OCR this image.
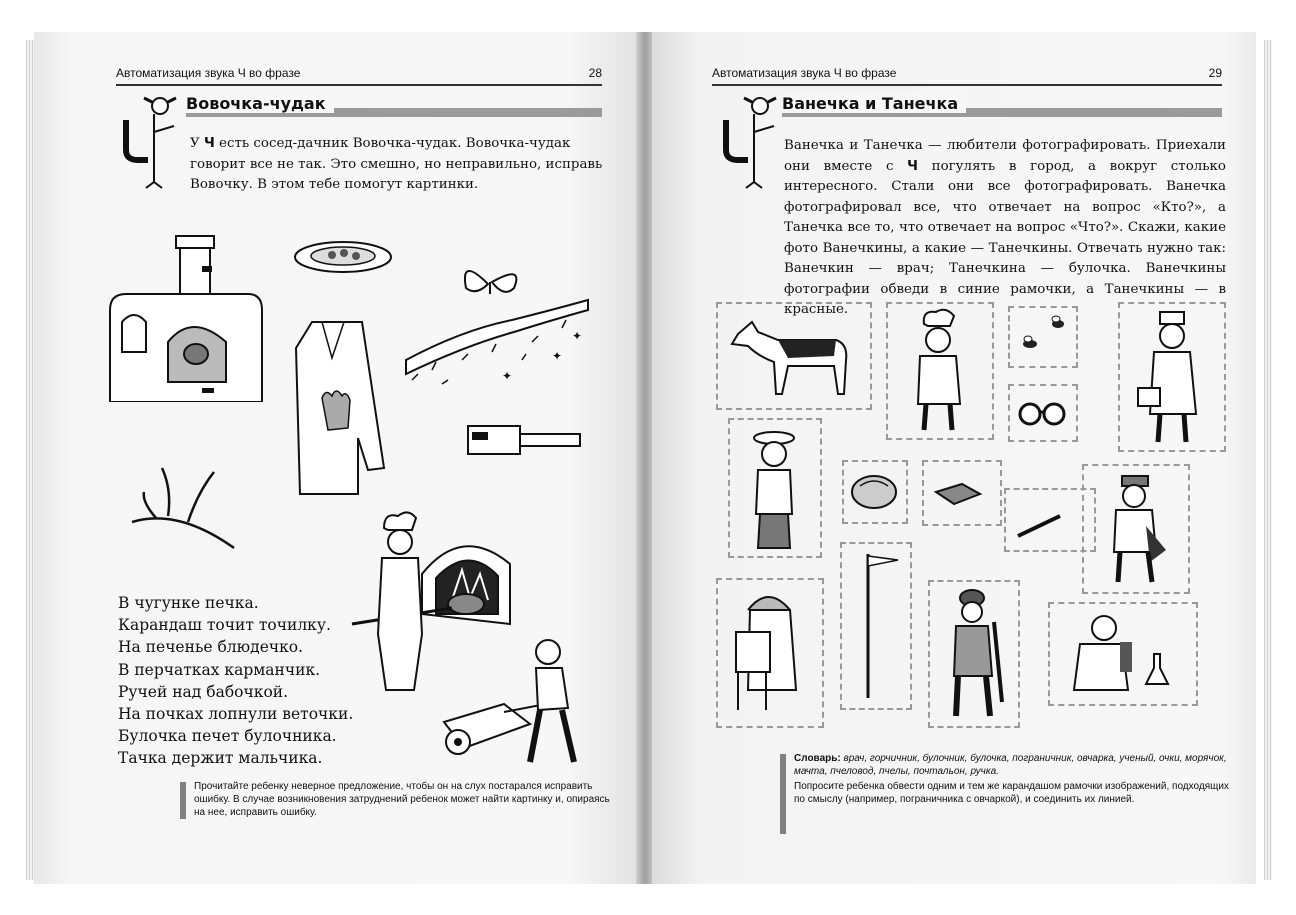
Автоматизация звука Ч во фразе	28
Вовочка-чудак
У Ч есть сосед-дачник Вовочка-чудак. Вовочка-чудак говорит все не так. Это смешно, но неправильно, исправь Вовочку. В этом тебе помогут картинки.
✦
✦
✦
В чугунке печка.
Карандаш точит точилку.
На печенье блюдечко.
В перчатках карманчик.
Ручей над бабочкой.
На почках лопнули веточки.
Булочка печет булочника.
Тачка держит мальчика.
Прочитайте ребенку неверное предложение, чтобы он на слух постарался исправить ошибку. В случае возникновения затруднений ребенок может найти картинку и, опираясь на нее, исправить ошибку.
Автоматизация звука Ч во фразе	29
Ванечка и Танечка
Ванечка и Танечка — любители фотографировать. Приехали они вместе с Ч погулять в город, а вокруг столько интересного. Стали они все фотографировать. Ванечка фотографировал все, что отвечает на вопрос «Кто?», а Танечка все то, что отвечает на вопрос «Что?». Скажи, какие фото Ванечкины, а какие — Танечкины. Отвечать нужно так: Ванечкин — врач; Танечкина — булочка. Ванечкины фотографии обведи в синие рамочки, а Танечкины — в красные.
Словарь: врач, горчичник, булочник, булочка, пограничник, овчарка, ученый, очки, морячок, мачта, пчеловод, пчелы, почтальон, ручка.
Попросите ребенка обвести одним и тем же карандашом рамочки изображений, подходящих по смыслу (например, пограничника с овчаркой), и соединить их линией.
